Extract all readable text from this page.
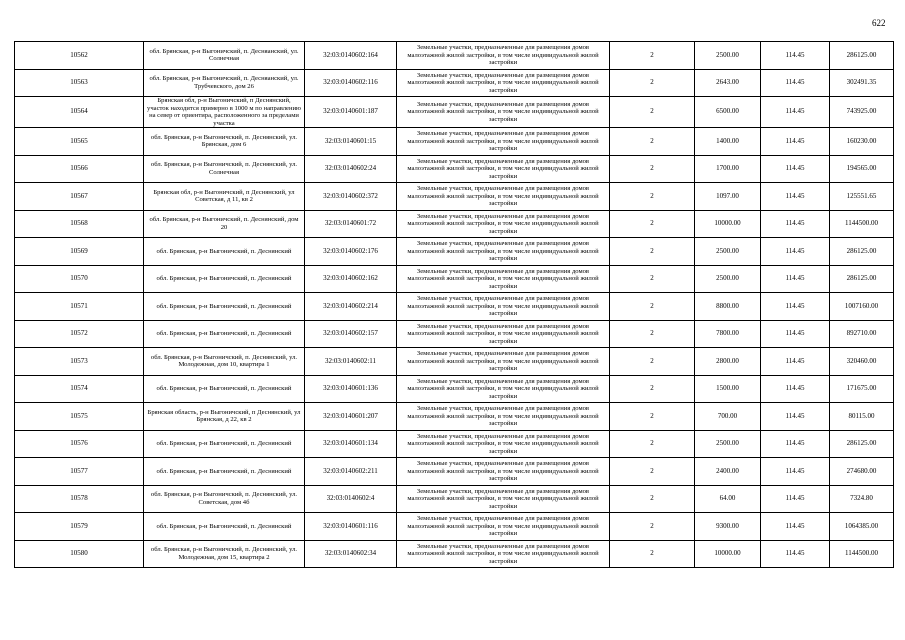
622
10562	обл. Брянская, р-н Выгоничский, п. Десняанский, ул. Солнечная	32:03:0140602:164	Земельные участки, предназначенные для размещения домов малоэтажной жилой застройки, в том числе индивидуальной жилой застройки	2	2500.00	114.45	286125.00
10563	обл. Брянская, р-н Выгоничский, п. Десняанский, ул. Трубчевского, дом 26	32:03:0140602:116	Земельные участки, предназначенные для размещения домов малоэтажной жилой застройки, в том числе индивидуальной жилой застройки	2	2643.00	114.45	302491.35
10564	Брянская обл, р-н Выгоничский, п Деснянский, участок находится примерно в 1000 м по направлению на север от ориентира, расположенного за пределами участка	32:03:0140601:187	Земельные участки, предназначенные для размещения домов малоэтажной жилой застройки, в том числе индивидуальной жилой застройки	2	6500.00	114.45	743925.00
10565	обл. Брянская, р-н Выгоничский, п. Деснянский, ул. Брянская, дом 6	32:03:0140601:15	Земельные участки, предназначенные для размещения домов малоэтажной жилой застройки, в том числе индивидуальной жилой застройки	2	1400.00	114.45	160230.00
10566	обл. Брянская, р-н Выгоничский, п. Деснянский, ул. Солнечная	32:03:0140602:24	Земельные участки, предназначенные для размещения домов малоэтажной жилой застройки, в том числе индивидуальной жилой застройки	2	1700.00	114.45	194565.00
10567	Брянская обл, р-н Выгоничский, п Деснянский, ул Советская, д 11, кв 2	32:03:0140602:372	Земельные участки, предназначенные для размещения домов малоэтажной жилой застройки, в том числе индивидуальной жилой застройки	2	1097.00	114.45	125551.65
10568	обл. Брянская, р-н Выгоничский, п. Деснянский, дом 20	32:03:0140601:72	Земельные участки, предназначенные для размещения домов малоэтажной жилой застройки, в том числе индивидуальной жилой застройки	2	10000.00	114.45	1144500.00
10569	обл. Брянская, р-н Выгоничский, п. Деснянский	32:03:0140602:176	Земельные участки, предназначенные для размещения домов малоэтажной жилой застройки, в том числе индивидуальной жилой застройки	2	2500.00	114.45	286125.00
10570	обл. Брянская, р-н Выгоничский, п. Деснянский	32:03:0140602:162	Земельные участки, предназначенные для размещения домов малоэтажной жилой застройки, в том числе индивидуальной жилой застройки	2	2500.00	114.45	286125.00
10571	обл. Брянская, р-н Выгоничский, п. Деснянский	32:03:0140602:214	Земельные участки, предназначенные для размещения домов малоэтажной жилой застройки, в том числе индивидуальной жилой застройки	2	8800.00	114.45	1007160.00
10572	обл. Брянская, р-н Выгоничский, п. Деснянский	32:03:0140602:157	Земельные участки, предназначенные для размещения домов малоэтажной жилой застройки, в том числе индивидуальной жилой застройки	2	7800.00	114.45	892710.00
10573	обл. Брянская, р-н Выгоничский, п. Деснянский, ул. Молодежная, дом 10, квартира 1	32:03:0140602:11	Земельные участки, предназначенные для размещения домов малоэтажной жилой застройки, в том числе индивидуальной жилой застройки	2	2800.00	114.45	320460.00
10574	обл. Брянская, р-н Выгоничский, п. Деснянский	32:03:0140601:136	Земельные участки, предназначенные для размещения домов малоэтажной жилой застройки, в том числе индивидуальной жилой застройки	2	1500.00	114.45	171675.00
10575	Брянская область, р-н Выгоничский, п Деснянский, ул Брянская, д 22, кв 2	32:03:0140601:207	Земельные участки, предназначенные для размещения домов малоэтажной жилой застройки, в том числе индивидуальной жилой застройки	2	700.00	114.45	80115.00
10576	обл. Брянская, р-н Выгоничский, п. Деснянский	32:03:0140601:134	Земельные участки, предназначенные для размещения домов малоэтажной жилой застройки, в том числе индивидуальной жилой застройки	2	2500.00	114.45	286125.00
10577	обл. Брянская, р-н Выгоничский, п. Деснянский	32:03:0140602:211	Земельные участки, предназначенные для размещения домов малоэтажной жилой застройки, в том числе индивидуальной жилой застройки	2	2400.00	114.45	274680.00
10578	обл. Брянская, р-н Выгоничский, п. Деснянский, ул. Советская, дом 4б	32:03:0140602:4	Земельные участки, предназначенные для размещения домов малоэтажной жилой застройки, в том числе индивидуальной жилой застройки	2	64.00	114.45	7324.80
10579	обл. Брянская, р-н Выгоничский, п. Деснянский	32:03:0140601:116	Земельные участки, предназначенные для размещения домов малоэтажной жилой застройки, в том числе индивидуальной жилой застройки	2	9300.00	114.45	1064385.00
10580	обл. Брянская, р-н Выгоничский, п. Деснянский, ул. Молодежная, дом 15, квартира 2	32:03:0140602:34	Земельные участки, предназначенные для размещения домов малоэтажной жилой застройки, в том числе индивидуальной жилой застройки	2	10000.00	114.45	1144500.00
